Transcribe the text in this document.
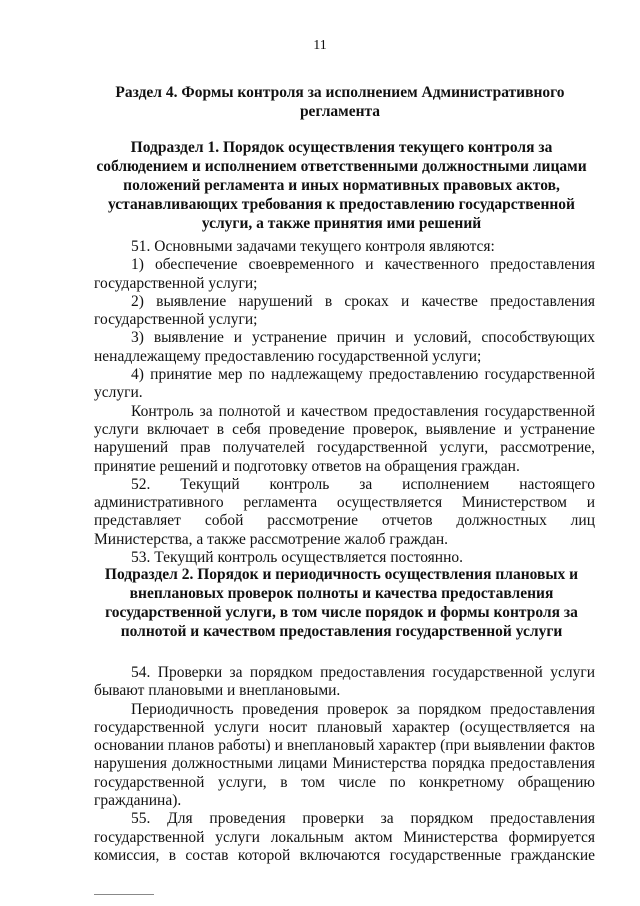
11
Раздел 4. Формы контроля за исполнением Административного регламента
Подраздел 1. Порядок осуществления текущего контроля за соблюдением и исполнением ответственными должностными лицами положений регламента и иных нормативных правовых актов, устанавливающих требования к предоставлению государственной услуги, а также принятия ими решений

51. Основными задачами текущего контроля являются:

1) обеспечение своевременного и качественного предоставления государственной услуги;

2) выявление нарушений в сроках и качестве предоставления государственной услуги;

3) выявление и устранение причин и условий, способствующих ненадлежащему предоставлению государственной услуги;

4) принятие мер по надлежащему предоставлению государственной услуги.

Контроль за полнотой и качеством предоставления государственной услуги включает в себя проведение проверок, выявление и устранение нарушений прав получателей государственной услуги, рассмотрение, принятие решений и подготовку ответов на обращения граждан.

52. Текущий контроль за исполнением настоящего административного регламента осуществляется Министерством и представляет собой рассмотрение отчетов должностных лиц Министерства, а также рассмотрение жалоб граждан.

53. Текущий контроль осуществляется постоянно.

Подраздел 2. Порядок и периодичность осуществления плановых и внеплановых проверок полноты и качества предоставления государственной услуги, в том числе порядок и формы контроля за полнотой и качеством предоставления государственной услуги

54. Проверки за порядком предоставления государственной услуги бывают плановыми и внеплановыми.

Периодичность проведения проверок за порядком предоставления государственной услуги носит плановый характер (осуществляется на основании планов работы) и внеплановый характер (при выявлении фактов нарушения должностными лицами Министерства порядка предоставления государственной услуги, в том числе по конкретному обращению гражданина).

55. Для проведения проверки за порядком предоставления государственной услуги локальным актом Министерства формируется комиссия, в состав которой включаются государственные гражданские
